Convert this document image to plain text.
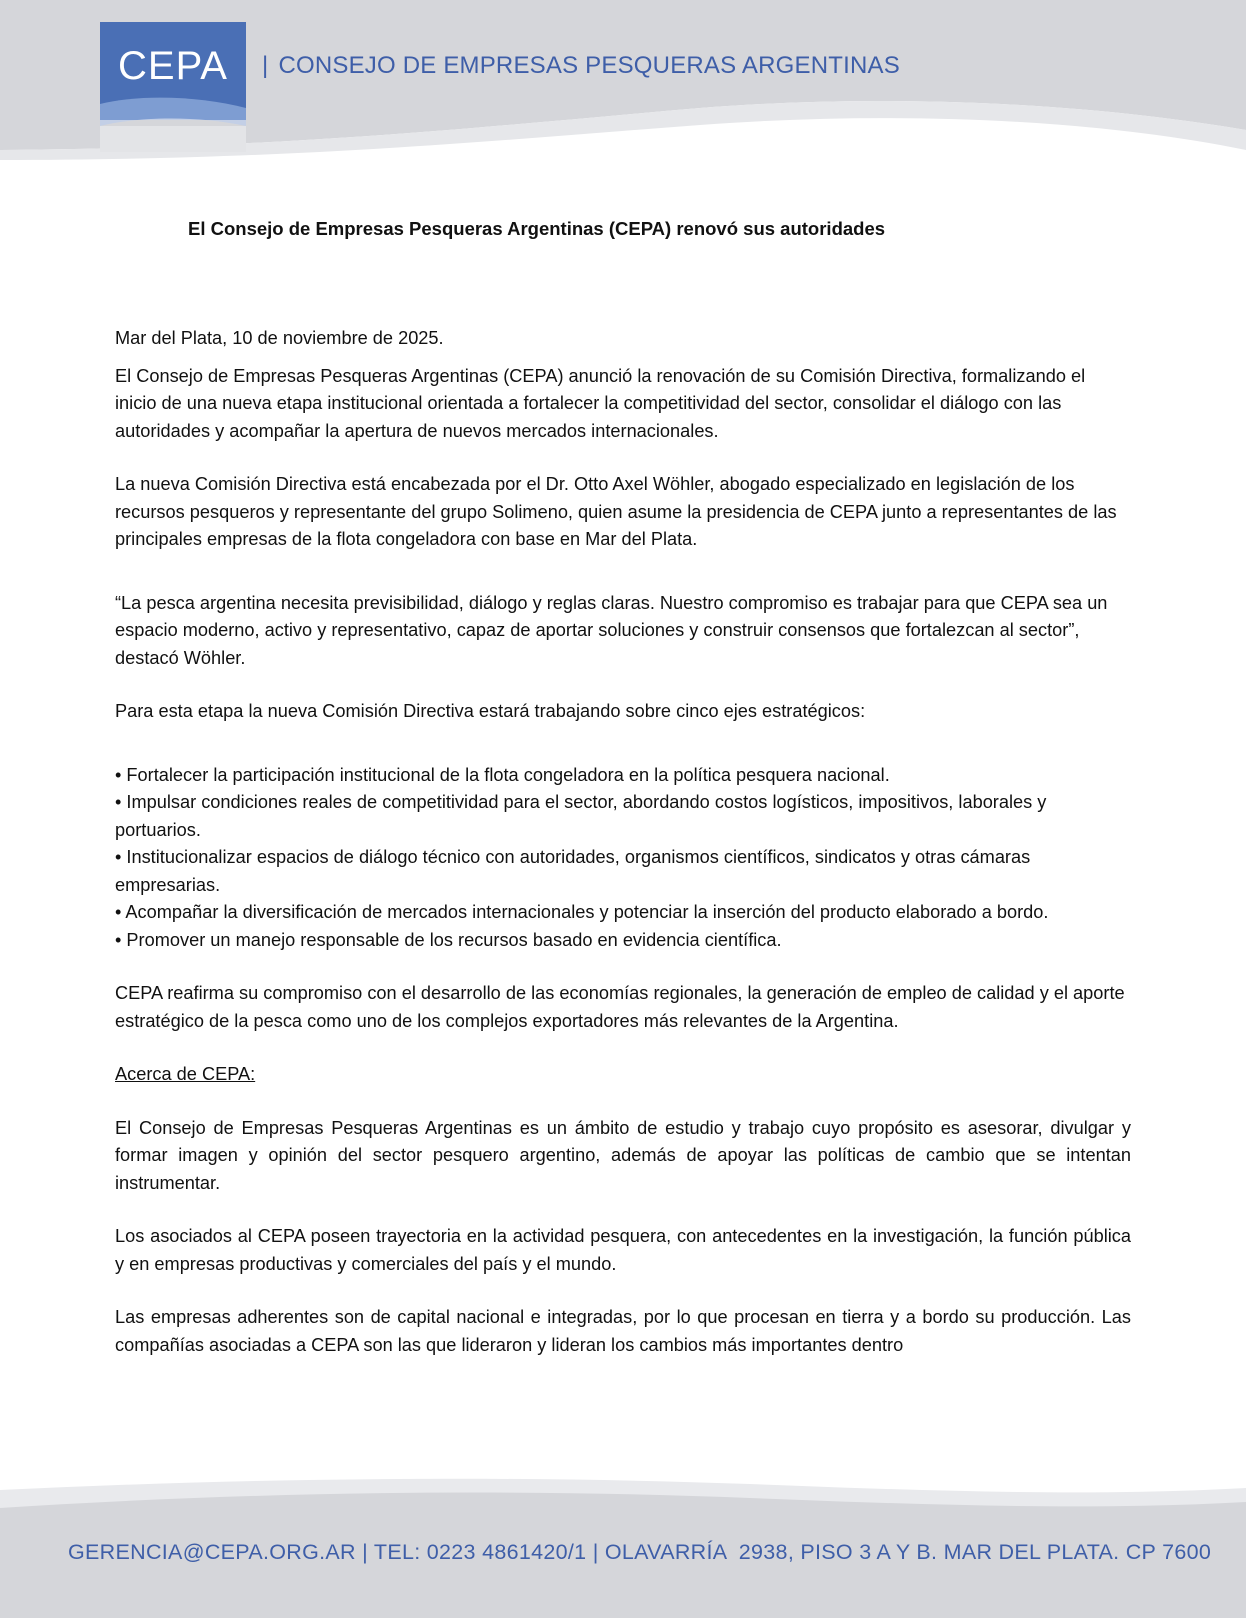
CEPA	| CONSEJO DE EMPRESAS PESQUERAS ARGENTINAS
El Consejo de Empresas Pesqueras Argentinas (CEPA) renovó sus autoridades

Mar del Plata, 10 de noviembre de 2025.

El Consejo de Empresas Pesqueras Argentinas (CEPA) anunció la renovación de su Comisión Directiva, formalizando el inicio de una nueva etapa institucional orientada a fortalecer la competitividad del sector, consolidar el diálogo con las autoridades y acompañar la apertura de nuevos mercados internacionales.

La nueva Comisión Directiva está encabezada por el Dr. Otto Axel Wöhler, abogado especializado en legislación de los recursos pesqueros y representante del grupo Solimeno, quien asume la presidencia de CEPA junto a representantes de las principales empresas de la flota congeladora con base en Mar del Plata.

“La pesca argentina necesita previsibilidad, diálogo y reglas claras. Nuestro compromiso es trabajar para que CEPA sea un espacio moderno, activo y representativo, capaz de aportar soluciones y construir consensos que fortalezcan al sector”, destacó Wöhler.

Para esta etapa la nueva Comisión Directiva estará trabajando sobre cinco ejes estratégicos:

• Fortalecer la participación institucional de la flota congeladora en la política pesquera nacional.
• Impulsar condiciones reales de competitividad para el sector, abordando costos logísticos, impositivos, laborales y portuarios.
• Institucionalizar espacios de diálogo técnico con autoridades, organismos científicos, sindicatos y otras cámaras empresarias.
• Acompañar la diversificación de mercados internacionales y potenciar la inserción del producto elaborado a bordo.
• Promover un manejo responsable de los recursos basado en evidencia científica.

CEPA reafirma su compromiso con el desarrollo de las economías regionales, la generación de empleo de calidad y el aporte estratégico de la pesca como uno de los complejos exportadores más relevantes de la Argentina.

Acerca de CEPA:

El Consejo de Empresas Pesqueras Argentinas es un ámbito de estudio y trabajo cuyo propósito es asesorar, divulgar y formar imagen y opinión del sector pesquero argentino, además de apoyar las políticas de cambio que se intentan instrumentar.

Los asociados al CEPA poseen trayectoria en la actividad pesquera, con antecedentes en la investigación, la función pública y en empresas productivas y comerciales del país y el mundo.

Las empresas adherentes son de capital nacional e integradas, por lo que procesan en tierra y a bordo su producción. Las compañías asociadas a CEPA son las que lideraron y lideran los cambios más importantes dentro

GERENCIA@CEPA.ORG.AR | TEL: 0223 4861420/1 | OLAVARRÍA  2938, PISO 3 A Y B. MAR DEL PLATA. CP 7600
